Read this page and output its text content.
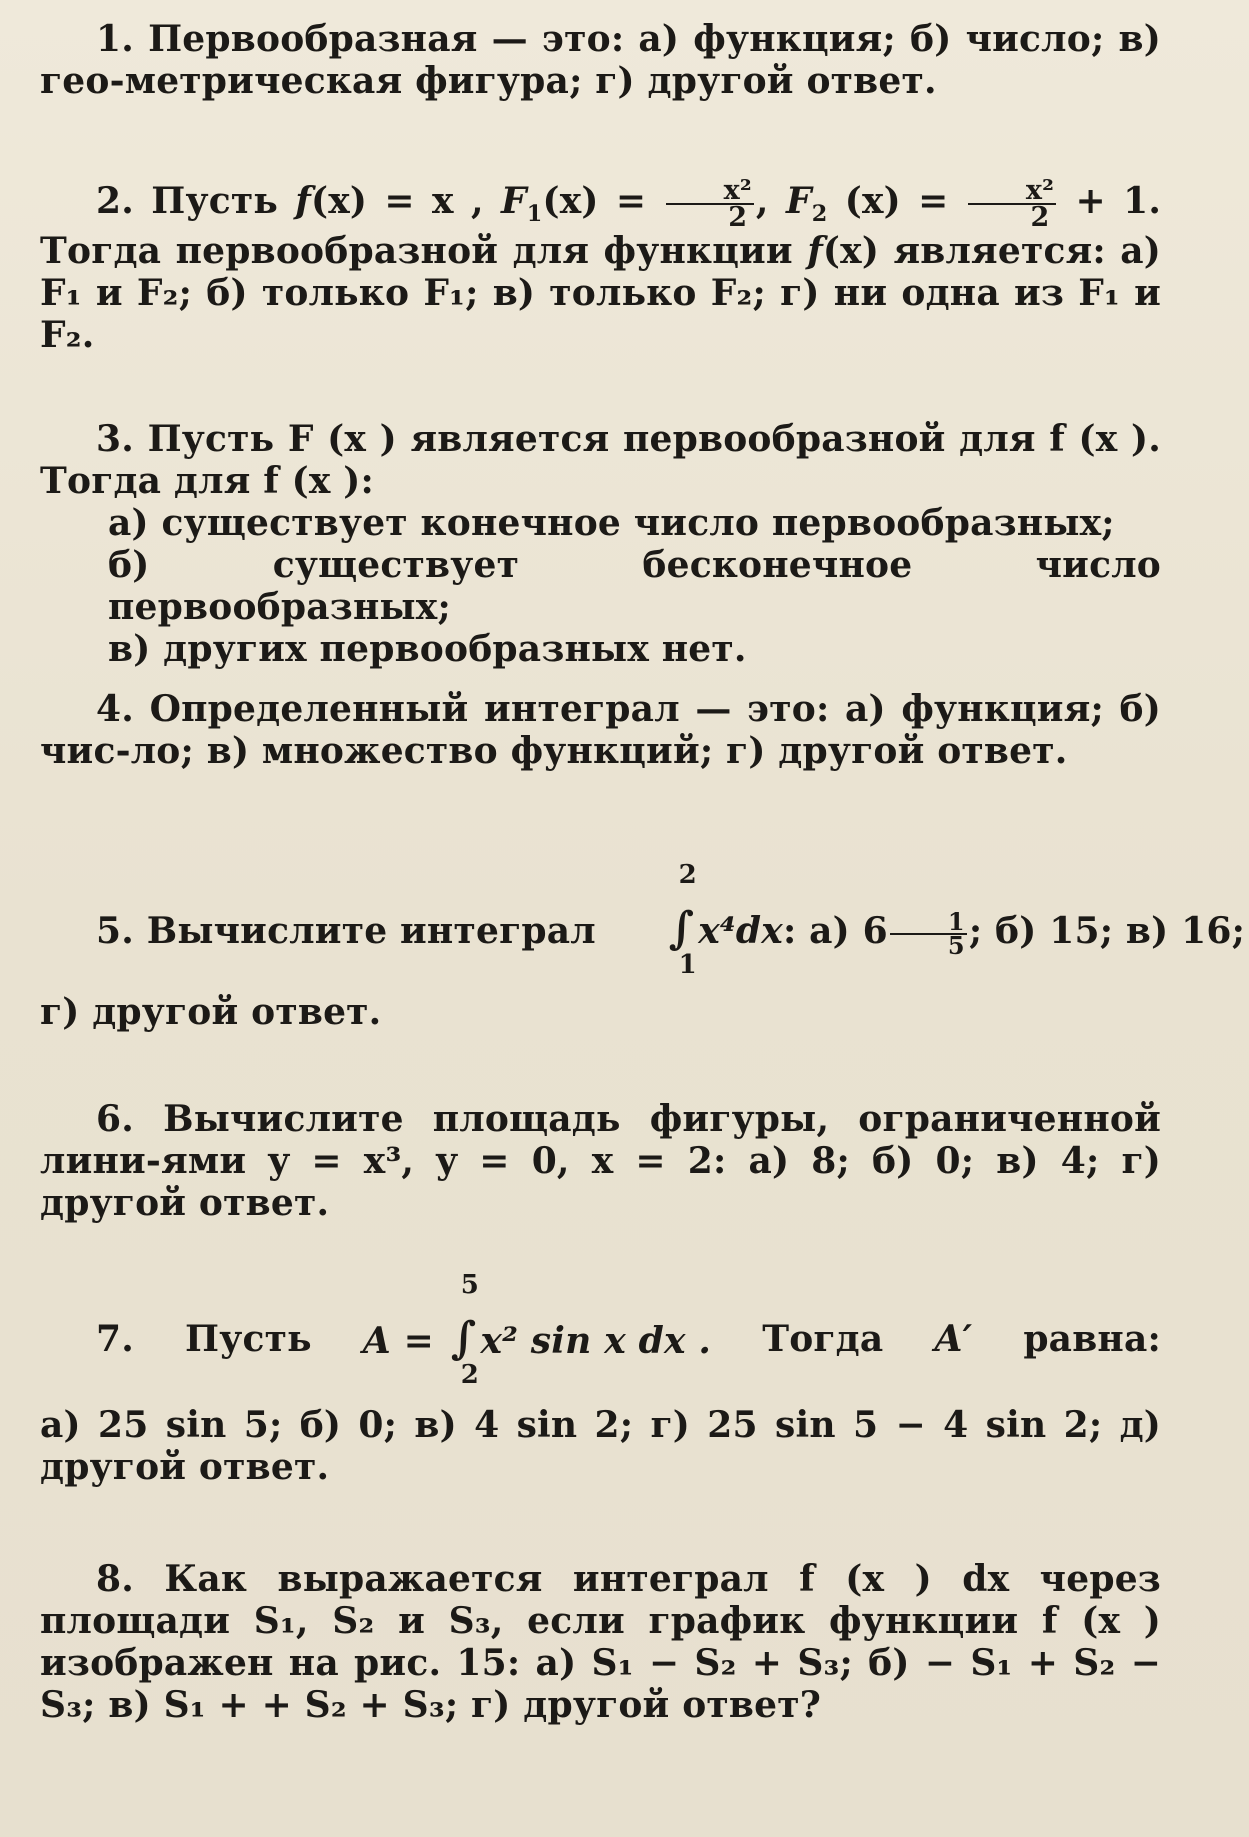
1. Первообразная — это: а) функция; б) число; в) гео-метрическая фигура; г) другой ответ.

2. Пусть f(x) = x , $F_1(x) = \frac{\text{x²}}{2}$ , $F_2$ $(x) = \frac{\text{x²}}{2} + 1$. Тогда первообразной для функции f(x) является: а) F₁ и F₂; б) только F₁; в) только F₂; г) ни одна из F₁ и F₂.

3. Пусть F (x ) является первообразной для f (x ). Тогда для f (x ):
а) существует конечное число первообразных;
б) существует бесконечное число первообразных;
в) других первообразных нет.

4. Определенный интеграл — это: а) функция; б) чис-ло; в) множество функций; г) другой ответ.

5. Вычислите интеграл ∫
2
1
x⁴dx: а) $6 \frac{1}{5}$ ; б) 15; в) 16;
г) другой ответ.

6. Вычислите площадь фигуры, ограниченной лини-ями y = x³, y = 0, x = 2: а) 8; б) 0; в) 4; г) другой ответ.

7. Пусть A = ∫
5
2
x² sin x dx . Тогда A′ равна:
а) 25 sin 5; б) 0; в) 4 sin 2; г) 25 sin 5 − 4 sin 2; д) другой ответ.

8. Как выражается интеграл f (x ) dx через площади S₁, S₂ и S₃, если график функции f (x ) изображен на рис. 15: а) S₁ − S₂ + S₃; б) − S₁ + S₂ − S₃; в) S₁ + + S₂ + S₃; г) другой ответ?
